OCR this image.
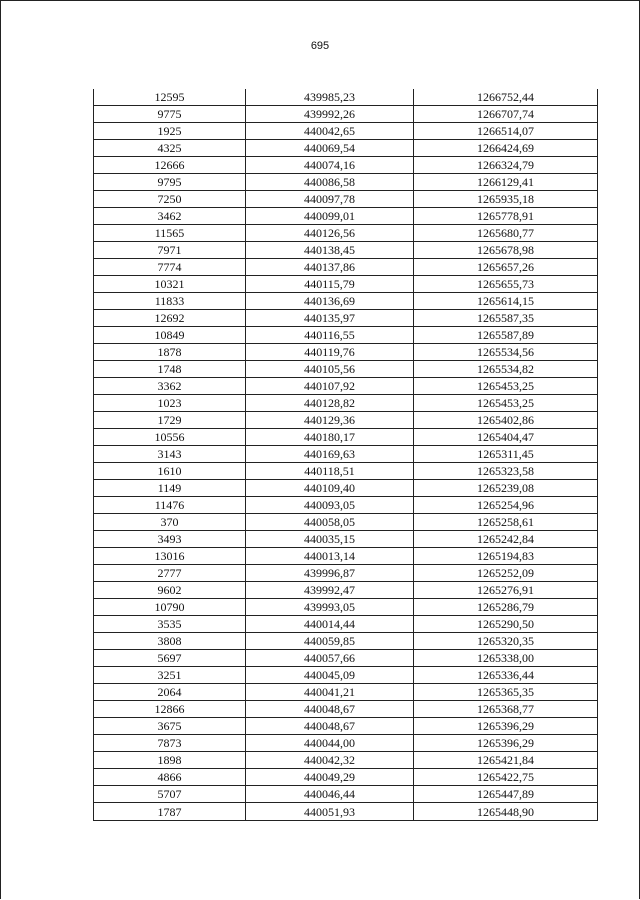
695
12595	439985,23	1266752,44
9775	439992,26	1266707,74
1925	440042,65	1266514,07
4325	440069,54	1266424,69
12666	440074,16	1266324,79
9795	440086,58	1266129,41
7250	440097,78	1265935,18
3462	440099,01	1265778,91
11565	440126,56	1265680,77
7971	440138,45	1265678,98
7774	440137,86	1265657,26
10321	440115,79	1265655,73
11833	440136,69	1265614,15
12692	440135,97	1265587,35
10849	440116,55	1265587,89
1878	440119,76	1265534,56
1748	440105,56	1265534,82
3362	440107,92	1265453,25
1023	440128,82	1265453,25
1729	440129,36	1265402,86
10556	440180,17	1265404,47
3143	440169,63	1265311,45
1610	440118,51	1265323,58
1149	440109,40	1265239,08
11476	440093,05	1265254,96
370	440058,05	1265258,61
3493	440035,15	1265242,84
13016	440013,14	1265194,83
2777	439996,87	1265252,09
9602	439992,47	1265276,91
10790	439993,05	1265286,79
3535	440014,44	1265290,50
3808	440059,85	1265320,35
5697	440057,66	1265338,00
3251	440045,09	1265336,44
2064	440041,21	1265365,35
12866	440048,67	1265368,77
3675	440048,67	1265396,29
7873	440044,00	1265396,29
1898	440042,32	1265421,84
4866	440049,29	1265422,75
5707	440046,44	1265447,89
1787	440051,93	1265448,90
